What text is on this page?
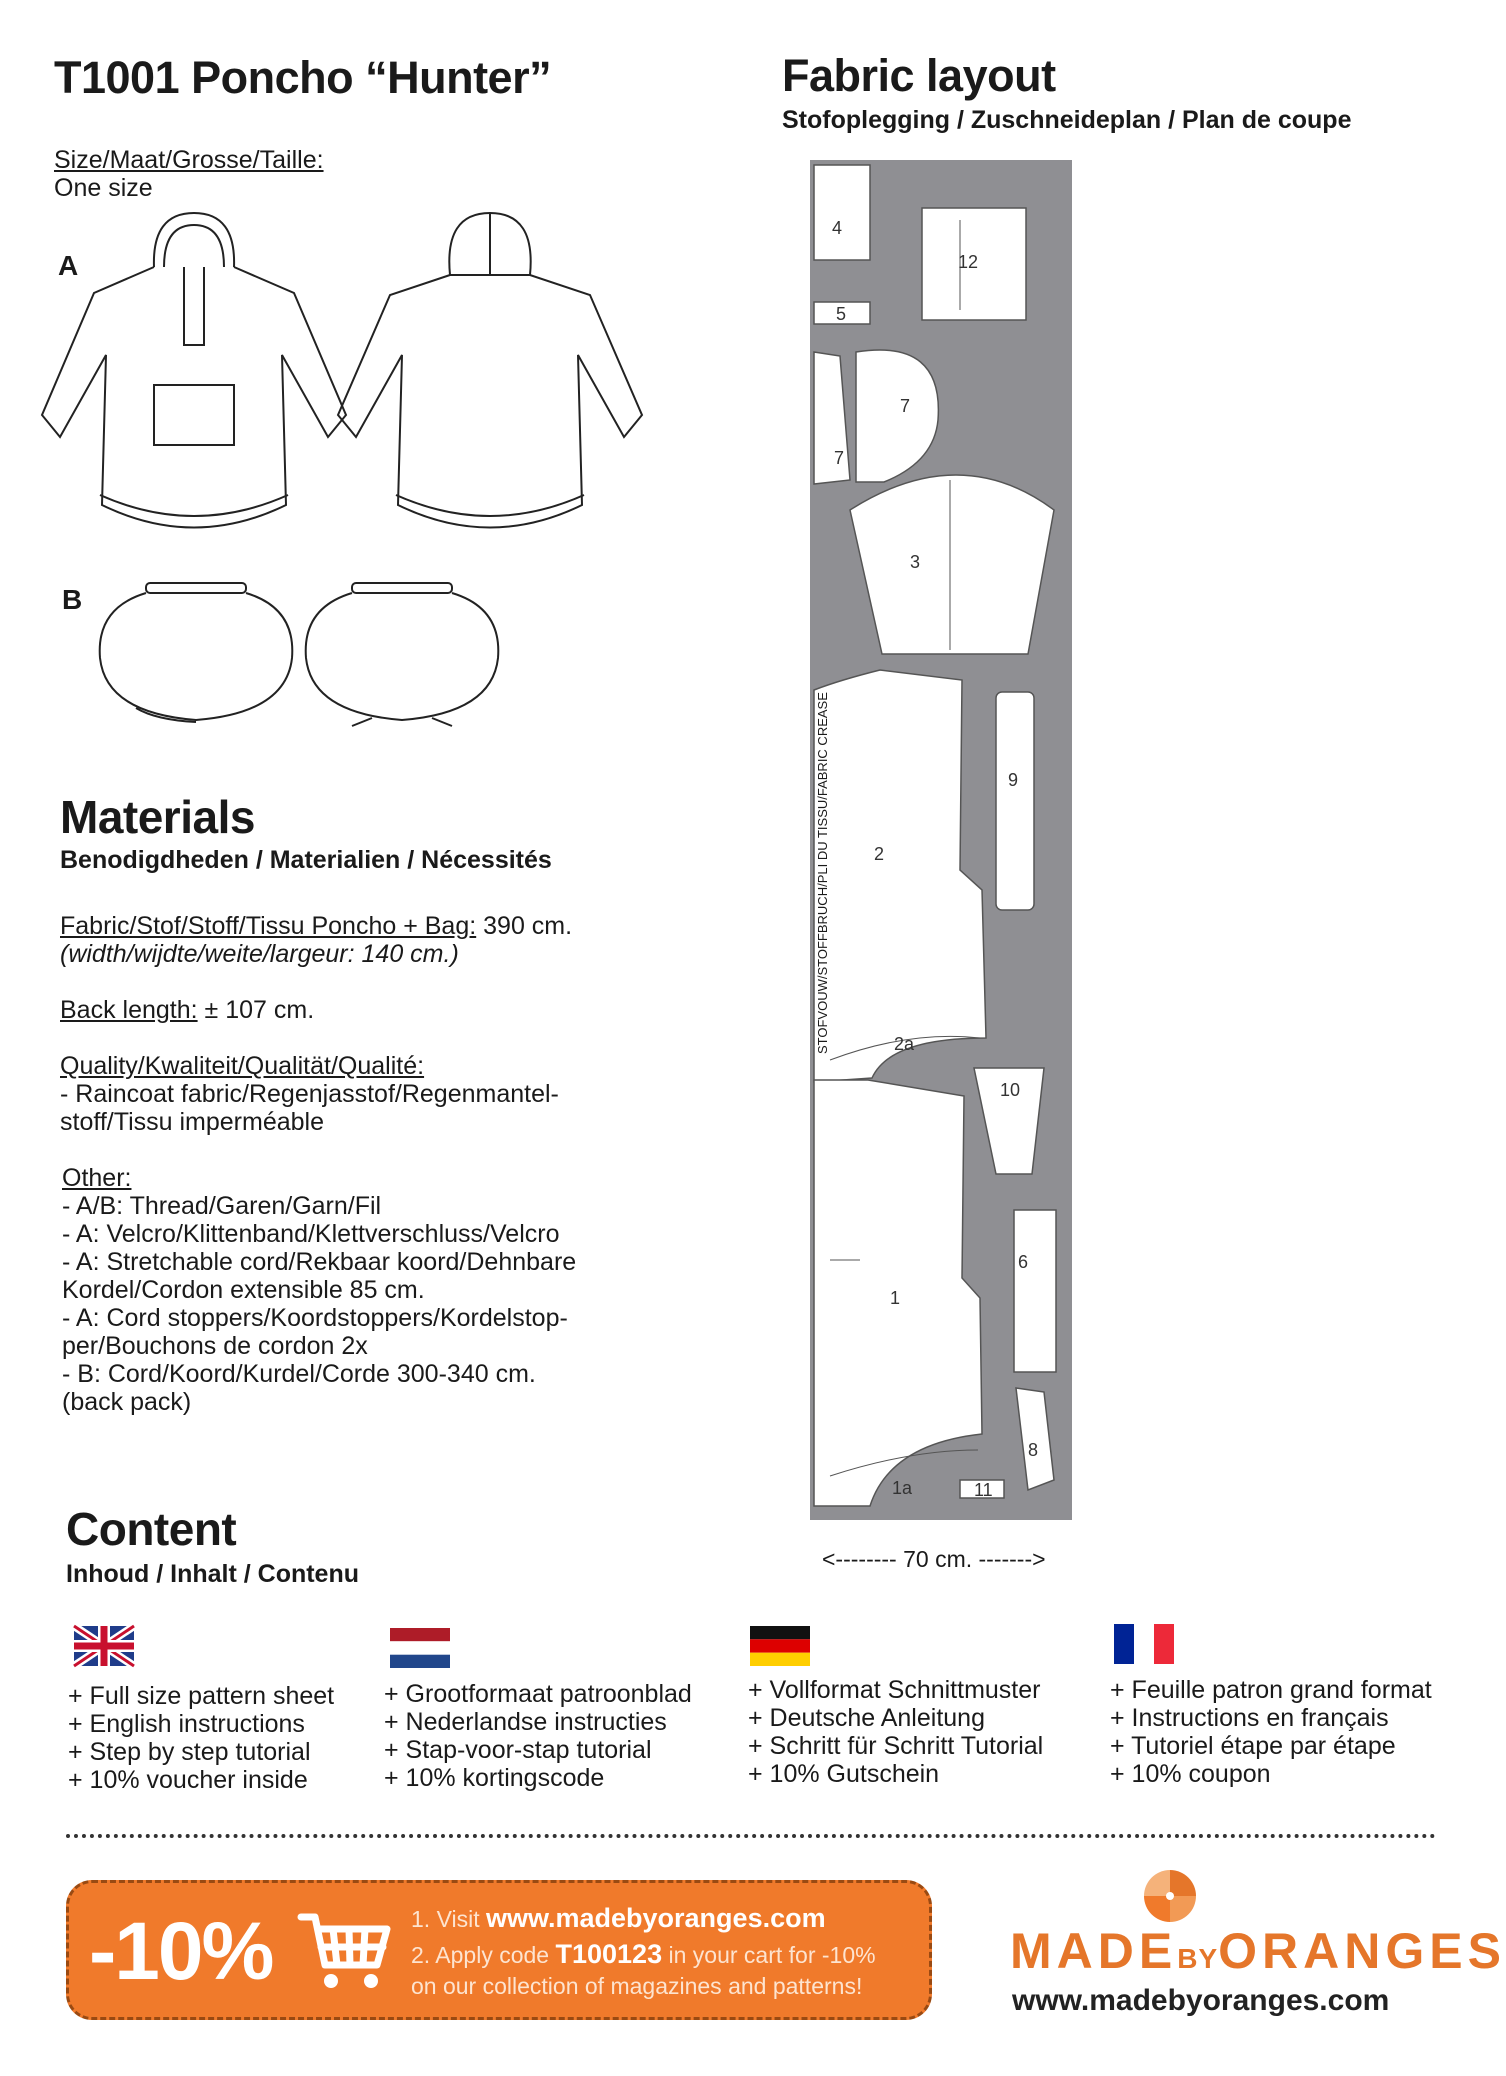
T1001 Poncho “Hunter”
Size/Maat/Grosse/Taille:
One size
A
B
Materials
Benodigdheden / Materialien / Nécessités
Fabric/Stof/Stoff/Tissu Poncho + Bag: 390 cm.
(width/wijdte/weite/largeur: 140 cm.)
Back length: ± 107 cm.
Quality/Kwaliteit/Qualität/Qualité:
- Raincoat fabric/Regenjasstof/Regenmantel-
stoff/Tissu imperméable
Other:
- A/B: Thread/Garen/Garn/Fil
- A: Velcro/Klittenband/Klettverschluss/Velcro
- A: Stretchable cord/Rekbaar koord/Dehnbare
Kordel/Cordon extensible 85 cm.
- A: Cord stoppers/Koordstoppers/Kordelstop-
per/Bouchons de cordon 2x
- B: Cord/Koord/Kurdel/Corde 300-340 cm.
(back pack)
Content
Inhoud / Inhalt / Contenu
+ Full size pattern sheet
+ English instructions
+ Step by step tutorial
+ 10% voucher inside
+ Grootformaat patroonblad
+ Nederlandse instructies
+ Stap-voor-stap tutorial
+ 10% kortingscode
+ Vollformat Schnittmuster
+ Deutsche Anleitung
+ Schritt für Schritt Tutorial
+ 10% Gutschein
+ Feuille patron grand format
+ Instructions en français
+ Tutoriel étape par étape
+ 10% coupon
Fabric layout
Stofoplegging / Zuschneideplan / Plan de coupe
4
5
12
7
7
3
9
2
2a
10
6
1
8
1a	11
STOFVOUW/STOFFBRUCH/PLI DU TISSU/FABRIC CREASE
<-------- 70 cm. ------->
-10%	1. Visit www.madebyoranges.com
2. Apply code T100123 in your cart for -10%
on our collection of magazines and patterns!
MADEBYORANGES
www.madebyoranges.com
